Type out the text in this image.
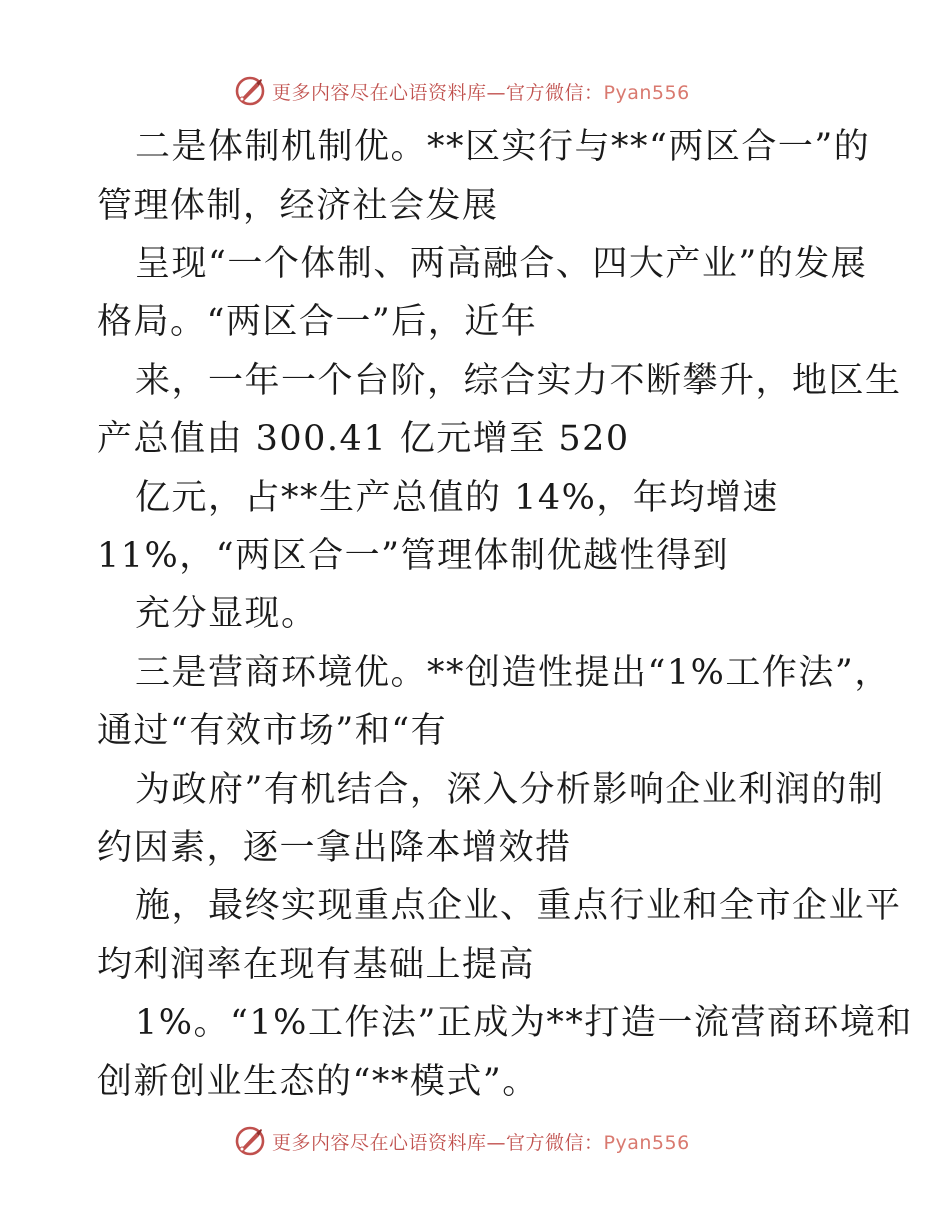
更多内容尽在心语资料库—官方微信：Pyan556
二是体制机制优。**区实行与**“两区合一”的
管理体制，经济社会发展
呈现“一个体制、两高融合、四大产业”的发展
格局。“两区合一”后，近年
来，一年一个台阶，综合实力不断攀升，地区生
产总值由 300.41 亿元增至 520
亿元，占**生产总值的 14%，年均增速
11%，“两区合一”管理体制优越性得到
充分显现。
三是营商环境优。**创造性提出“1%工作法”，
通过“有效市场”和“有
为政府”有机结合，深入分析影响企业利润的制
约因素，逐一拿出降本增效措
施，最终实现重点企业、重点行业和全市企业平
均利润率在现有基础上提高
1%。“1%工作法”正成为**打造一流营商环境和
创新创业生态的“**模式”。
更多内容尽在心语资料库—官方微信：Pyan556
